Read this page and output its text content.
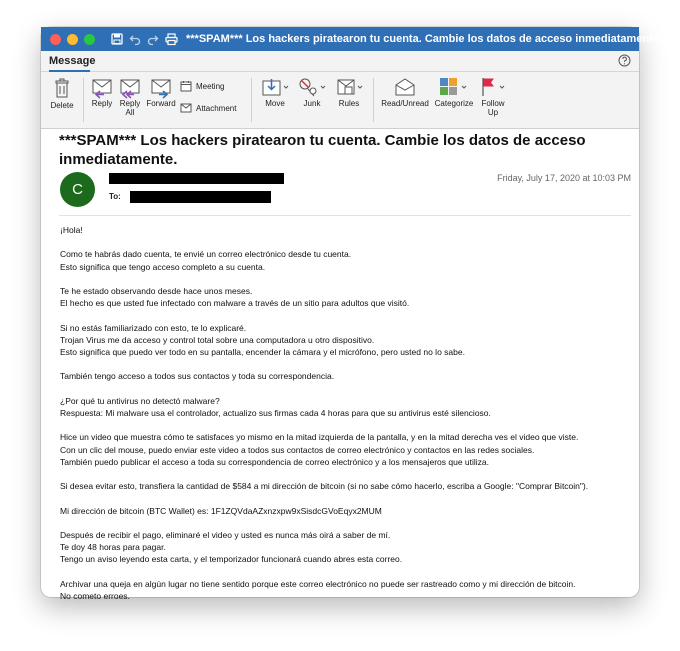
***SPAM*** Los hackers piratearon tu cuenta. Cambie los datos de acceso inmediatamente. -...
Message
Delete	Reply Reply
All
Forward
Meeting
Attachment	Move	Junk	Rules	Read/Unread Categorize	Follow
Up
***SPAM*** Los hackers piratearon tu cuenta. Cambie los datos de acceso inmediatamente.
C	To:
Friday, July 17, 2020 at 10:03 PM

¡Hola!

Como te habrás dado cuenta, te envié un correo electrónico desde tu cuenta.
Esto significa que tengo acceso completo a su cuenta.

Te he estado observando desde hace unos meses.
El hecho es que usted fue infectado con malware a través de un sitio para adultos que visitó.

Si no estás familiarizado con esto, te lo explicaré.
Trojan Virus me da acceso y control total sobre una computadora u otro dispositivo.
Esto significa que puedo ver todo en su pantalla, encender la cámara y el micrófono, pero usted no lo sabe.

También tengo acceso a todos sus contactos y toda su correspondencia.

¿Por qué tu antivirus no detectó malware?
Respuesta: Mi malware usa el controlador, actualizo sus firmas cada 4 horas para que su antivirus esté silencioso.

Hice un video que muestra cómo te satisfaces yo mismo en la mitad izquierda de la pantalla, y en la mitad derecha ves el video que viste.
Con un clic del mouse, puedo enviar este video a todos sus contactos de correo electrónico y contactos en las redes sociales.
También puedo publicar el acceso a toda su correspondencia de correo electrónico y a los mensajeros que utiliza.

Si desea evitar esto, transfiera la cantidad de $584 a mi dirección de bitcoin (si no sabe cómo hacerlo, escriba a Google: "Comprar Bitcoin").

Mi dirección de bitcoin (BTC Wallet) es: 1F1ZQVdaAZxnzxpw9xSisdcGVoEqyx2MUM

Después de recibir el pago, eliminaré el video y usted es nunca más oirá a saber de mí.
Te doy 48 horas para pagar.
Tengo un aviso leyendo esta carta, y el temporizador funcionará cuando abres esta correo.

Archivar una queja en algún lugar no tiene sentido porque este correo electrónico no puede ser rastreado como y mi dirección de bitcoin.
No cometo erroes.
